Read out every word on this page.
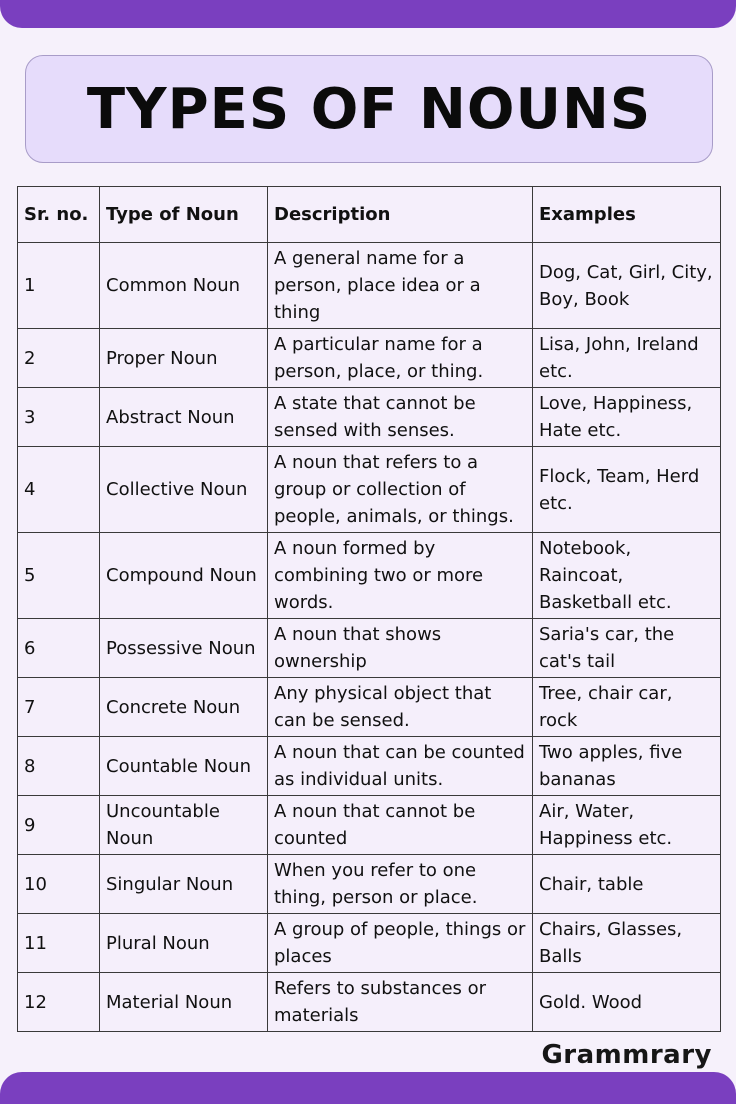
TYPES OF NOUNS
Sr. no.	Type of Noun	Description	Examples
1	Common Noun	A general name for a person, place idea or a thing	Dog, Cat, Girl, City, Boy, Book
2	Proper Noun	A particular name for a person, place, or thing.	Lisa, John, Ireland etc.
3	Abstract Noun	A state that cannot be sensed with senses.	Love, Happiness, Hate etc.
4	Collective Noun	A noun that refers to a group or collection of people, animals, or things.	Flock, Team, Herd etc.
5	Compound Noun	A noun formed by combining two or more words.	Notebook, Raincoat, Basketball etc.
6	Possessive Noun	A noun that shows ownership	Saria's car, the cat's tail
7	Concrete Noun	Any physical object that can be sensed.	Tree, chair car, rock
8	Countable Noun	A noun that can be counted as individual units.	Two apples, five bananas
9	Uncountable Noun	A noun that cannot be counted	Air, Water, Happiness etc.
10	Singular Noun	When you refer to one thing, person or place.	Chair, table
11	Plural Noun	A group of people, things or places	Chairs, Glasses, Balls
12	Material Noun	Refers to substances or materials	Gold. Wood
Grammrary
